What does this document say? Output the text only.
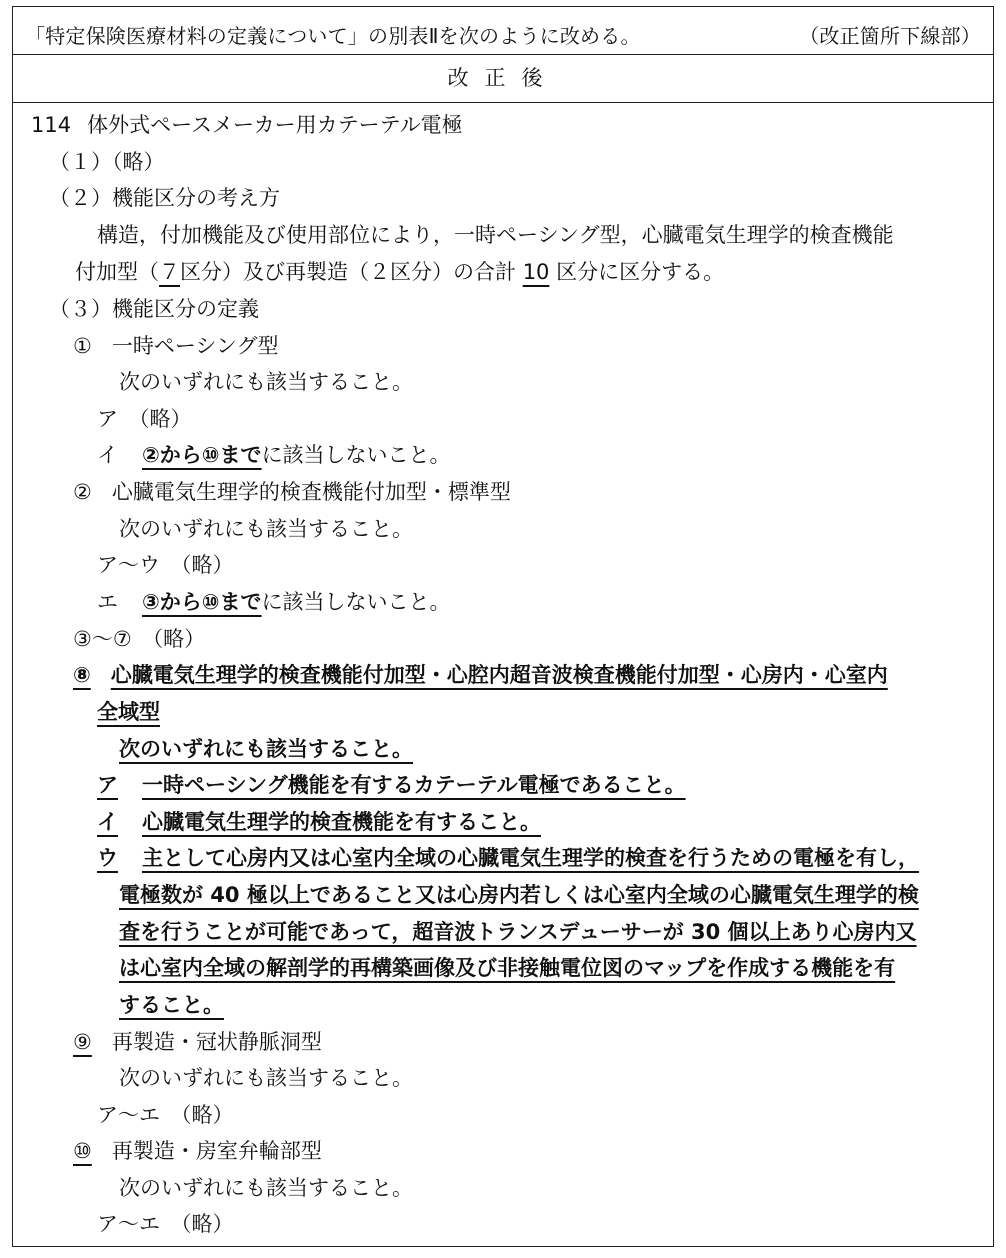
「特定保険医療材料の定義について」の別表Ⅱを次のように改める。	（改正箇所下線部）
改正後
114 体外式ペースメーカー用カテーテル電極
（１）（略）
（２）機能区分の考え方
構造，付加機能及び使用部位により，一時ペーシング型，心臓電気生理学的検査機能
付加型（７区分）及び再製造（２区分）の合計 10 区分に区分する。
（３）機能区分の定義
① 一時ペーシング型
次のいずれにも該当すること。
ア　（略）
イ ②から⑩までに該当しないこと。
② 心臓電気生理学的検査機能付加型・標準型
次のいずれにも該当すること。
ア～ウ　（略）
エ ③から⑩までに該当しないこと。
③～⑦　（略）
⑧ 心臓電気生理学的検査機能付加型・心腔内超音波検査機能付加型・心房内・心室内
全域型
次のいずれにも該当すること。
ア 一時ペーシング機能を有するカテーテル電極であること。
イ 心臓電気生理学的検査機能を有すること。
ウ 主として心房内又は心室内全域の心臓電気生理学的検査を行うための電極を有し，
電極数が 40 極以上であること又は心房内若しくは心室内全域の心臓電気生理学的検
査を行うことが可能であって，超音波トランスデューサーが 30 個以上あり心房内又
は心室内全域の解剖学的再構築画像及び非接触電位図のマップを作成する機能を有
すること。
⑨ 再製造・冠状静脈洞型
次のいずれにも該当すること。
ア～エ　（略）
⑩ 再製造・房室弁輪部型
次のいずれにも該当すること。
ア～エ　（略）
